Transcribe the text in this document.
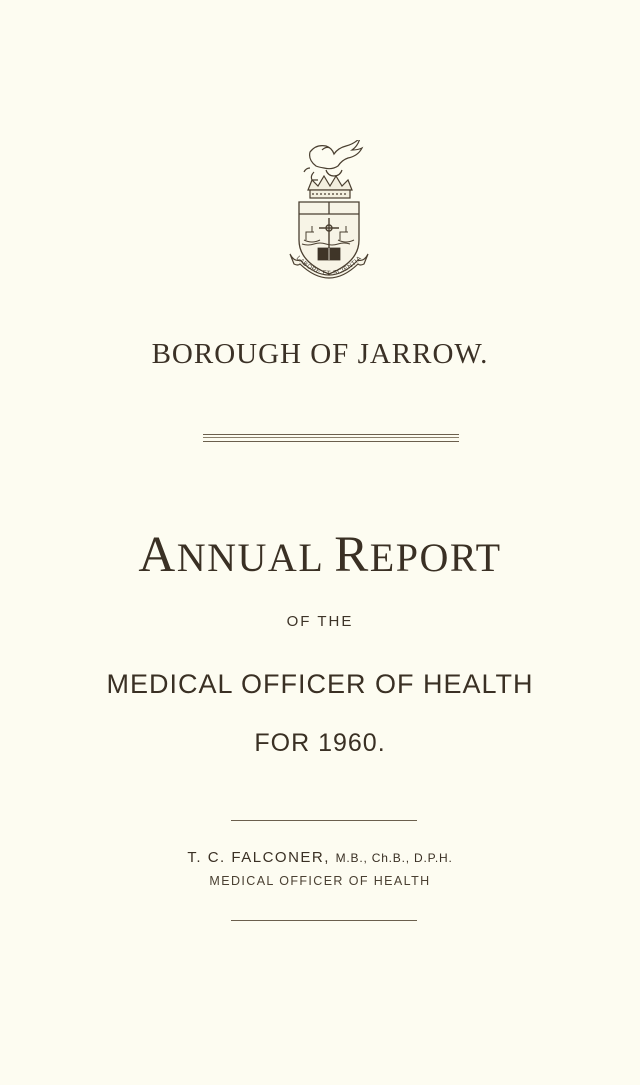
LABORE ET SCIENTIA
BOROUGH OF JARROW.
ANNUAL REPORT
OF THE
MEDICAL OFFICER OF HEALTH
FOR 1960.
T. C. FALCONER, M.B., Ch.B., D.P.H.
MEDICAL OFFICER OF HEALTH
